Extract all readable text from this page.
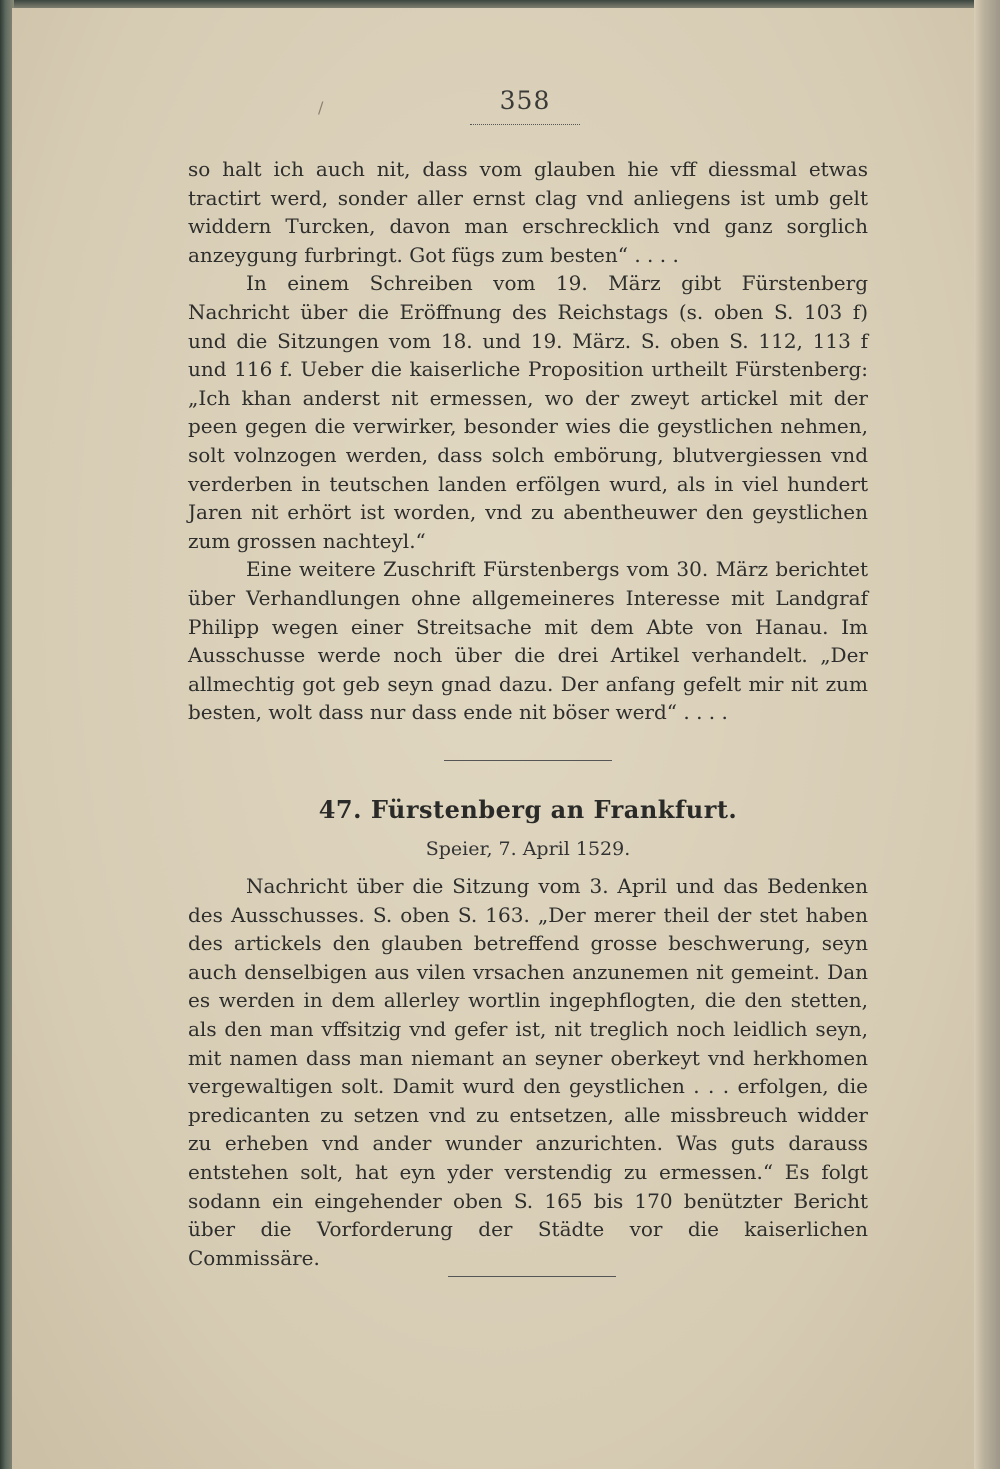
/	358

so halt ich auch nit, dass vom glauben hie vff diessmal etwas tractirt werd, sonder aller ernst clag vnd anliegens ist umb gelt widdern Turcken, davon man erschrecklich vnd ganz sorglich anzeygung furbringt. Got fügs zum besten“ . . . .

In einem Schreiben vom 19. März gibt Fürstenberg Nachricht über die Eröffnung des Reichstags (s. oben S. 103 f) und die Sitzungen vom 18. und 19. März. S. oben S. 112, 113 f und 116 f. Ueber die kaiserliche Proposition urtheilt Fürstenberg: „Ich khan anderst nit ermessen, wo der zweyt artickel mit der peen gegen die verwirker, besonder wies die geystlichen nehmen, solt volnzogen werden, dass solch embörung, blutvergiessen vnd verderben in teutschen landen erfölgen wurd, als in viel hundert Jaren nit erhört ist worden, vnd zu abentheuwer den geystlichen zum grossen nachteyl.“

Eine weitere Zuschrift Fürstenbergs vom 30. März berichtet über Verhandlungen ohne allgemeineres Interesse mit Landgraf Philipp wegen einer Streitsache mit dem Abte von Hanau. Im Ausschusse werde noch über die drei Artikel verhandelt. „Der allmechtig got geb seyn gnad dazu. Der anfang gefelt mir nit zum besten, wolt dass nur dass ende nit böser werd“ . . . .

47. Fürstenberg an Frankfurt.
Speier, 7. April 1529.

Nachricht über die Sitzung vom 3. April und das Bedenken des Ausschusses. S. oben S. 163. „Der merer theil der stet haben des artickels den glauben betreffend grosse beschwerung, seyn auch denselbigen aus vilen vrsachen anzunemen nit gemeint. Dan es werden in dem allerley wortlin ingephflogten, die den stetten, als den man vffsitzig vnd gefer ist, nit treglich noch leidlich seyn, mit namen dass man niemant an seyner oberkeyt vnd herkhomen vergewaltigen solt. Damit wurd den geystlichen . . . erfolgen, die predicanten zu setzen vnd zu entsetzen, alle missbreuch widder zu erheben vnd ander wunder anzurichten. Was guts darauss entstehen solt, hat eyn yder verstendig zu ermessen.“ Es folgt sodann ein eingehender oben S. 165 bis 170 benützter Bericht über die Vorforderung der Städte vor die kaiserlichen Commissäre.
